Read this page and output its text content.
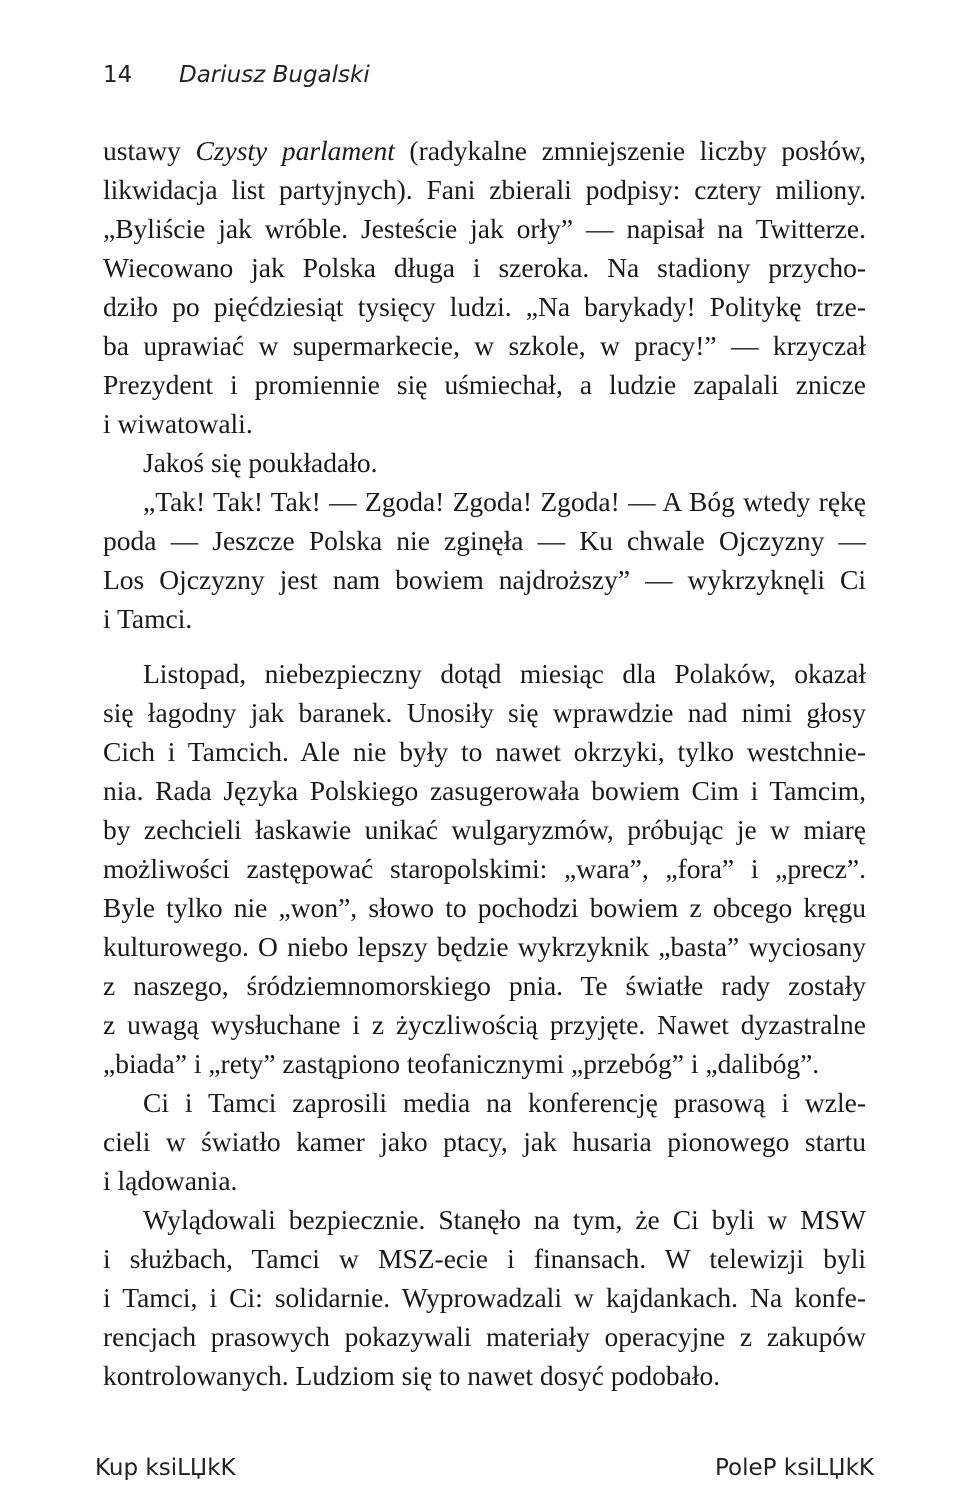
14 Dariusz Bugalski
ustawy Czysty parlament (radykalne zmniejszenie liczby posłów,
likwidacja list partyjnych). Fani zbierali podpisy: cztery miliony.
„Byliście jak wróble. Jesteście jak orły” — napisał na Twitterze.
Wiecowano jak Polska długa i szeroka. Na stadiony przycho-
dziło po pięćdziesiąt tysięcy ludzi. „Na barykady! Politykę trze-
ba uprawiać w supermarkecie, w szkole, w pracy!” — krzyczał
Prezydent i promiennie się uśmiechał, a ludzie zapalali znicze
i wiwatowali.
Jakoś się poukładało.
„Tak! Tak! Tak! — Zgoda! Zgoda! Zgoda! — A Bóg wtedy rękę
poda — Jeszcze Polska nie zginęła — Ku chwale Ojczyzny —
Los Ojczyzny jest nam bowiem najdroższy” — wykrzyknęli Ci
i Tamci.
Listopad, niebezpieczny dotąd miesiąc dla Polaków, okazał
się łagodny jak baranek. Unosiły się wprawdzie nad nimi głosy
Cich i Tamcich. Ale nie były to nawet okrzyki, tylko westchnie-
nia. Rada Języka Polskiego zasugerowała bowiem Cim i Tamcim,
by zechcieli łaskawie unikać wulgaryzmów, próbując je w miarę
możliwości zastępować staropolskimi: „wara”, „fora” i „precz”.
Byle tylko nie „won”, słowo to pochodzi bowiem z obcego kręgu
kulturowego. O niebo lepszy będzie wykrzyknik „basta” wyciosany
z naszego, śródziemnomorskiego pnia. Te światłe rady zostały
z uwagą wysłuchane i z życzliwością przyjęte. Nawet dyzastralne
„biada” i „rety” zastąpiono teofanicznymi „przebóg” i „dalibóg”.
Ci i Tamci zaprosili media na konferencję prasową i wzle-
cieli w światło kamer jako ptacy, jak husaria pionowego startu
i lądowania.
Wylądowali bezpiecznie. Stanęło na tym, że Ci byli w MSW
i służbach, Tamci w MSZ-ecie i finansach. W telewizji byli
i Tamci, i Ci: solidarnie. Wyprowadzali w kajdankach. Na konfe-
rencjach prasowych pokazywali materiały operacyjne z zakupów
kontrolowanych. Ludziom się to nawet dosyć podobało.
Kup ksiLЏkK	PoleP ksiLЏkK
